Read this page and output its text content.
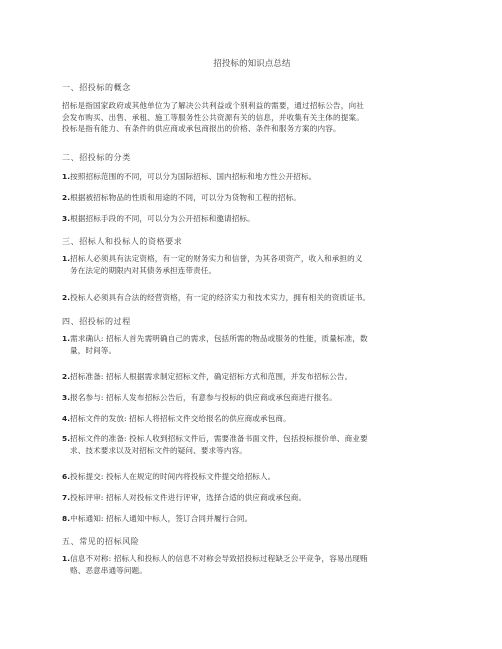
招投标的知识点总结
一、招投标的概念
招标是指国家政府或其他单位为了解决公共利益或个别利益的需要，通过招标公告，向社
会发布购买、出售、承租、施工等服务性公共资源有关的信息，并收集有关主体的提案。
投标是指有能力、有条件的供应商或承包商报出的价格、条件和服务方案的内容。
二、招投标的分类
1.按照招标范围的不同，可以分为国际招标、国内招标和地方性公开招标。
2.根据被招标物品的性质和用途的不同，可以分为货物和工程的招标。
3.根据招标手段的不同，可以分为公开招标和邀请招标。
三、招标人和投标人的资格要求
1.招标人必须具有法定资格，有一定的财务实力和信誉，为其各项资产，收入和承担的义
务在法定的期限内对其债务承担连带责任。
2.投标人必须具有合法的经营资格，有一定的经济实力和技术实力，拥有相关的资质证书。
四、招投标的过程
1.需求确认: 招标人首先需明确自己的需求，包括所需的物品或服务的性能，质量标准，数
量，时间等。
2.招标准备: 招标人根据需求制定招标文件，确定招标方式和范围，并发布招标公告。
3.报名参与: 招标人发布招标公告后，有意参与投标的供应商或承包商进行报名。
4.招标文件的发放: 招标人将招标文件交给报名的供应商或承包商。
5.招标文件的准备: 投标人收到招标文件后，需要准备书面文件，包括投标报价单、商业要
求、技术要求以及对招标文件的疑问、要求等内容。
6.投标提交: 投标人在规定的时间内将投标文件提交给招标人。
7.投标评审: 招标人对投标文件进行评审，选择合适的供应商或承包商。
8.中标通知: 招标人通知中标人，签订合同并履行合同。
五、常见的招标风险
1.信息不对称: 招标人和投标人的信息不对称会导致招投标过程缺乏公平竞争，容易出现贿
赂、恶意串通等问题。
